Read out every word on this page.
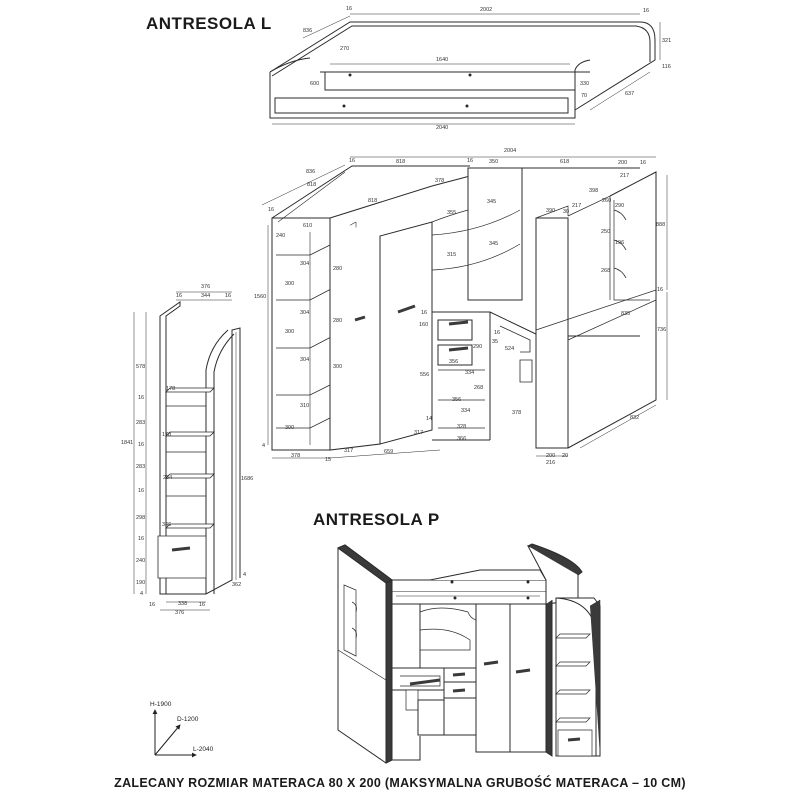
ANTRESOLA L
ANTRESOLA P
ZALECANY ROZMIAR MATERACA 80 X 200 (MAKSYMALNA GRUBOŚĆ MATERACA – 10 CM)
16	2002	16
836
270
321
1640
116
600	330
70	637
2040
2004
16	818	16	350	618	200 16
836
818
818
378
217
398
260
217
390 30
16
610
240
304
280
300
304
280
300
304
300
310
300
1560
355
345
345
315
290
250
196
268
888
16
835
736
160
16
290
556
524
16
35
356
334
268
356
334	378
14
328
366
317
378
15
317	659
832
200 20
216
4
376
16	344	16
578
178
16
283
1841
178
16
283
234
16
298
346
16
240
190
4
16	338 16
376
1686
4
362
H-1900
D-1200
L-2040
